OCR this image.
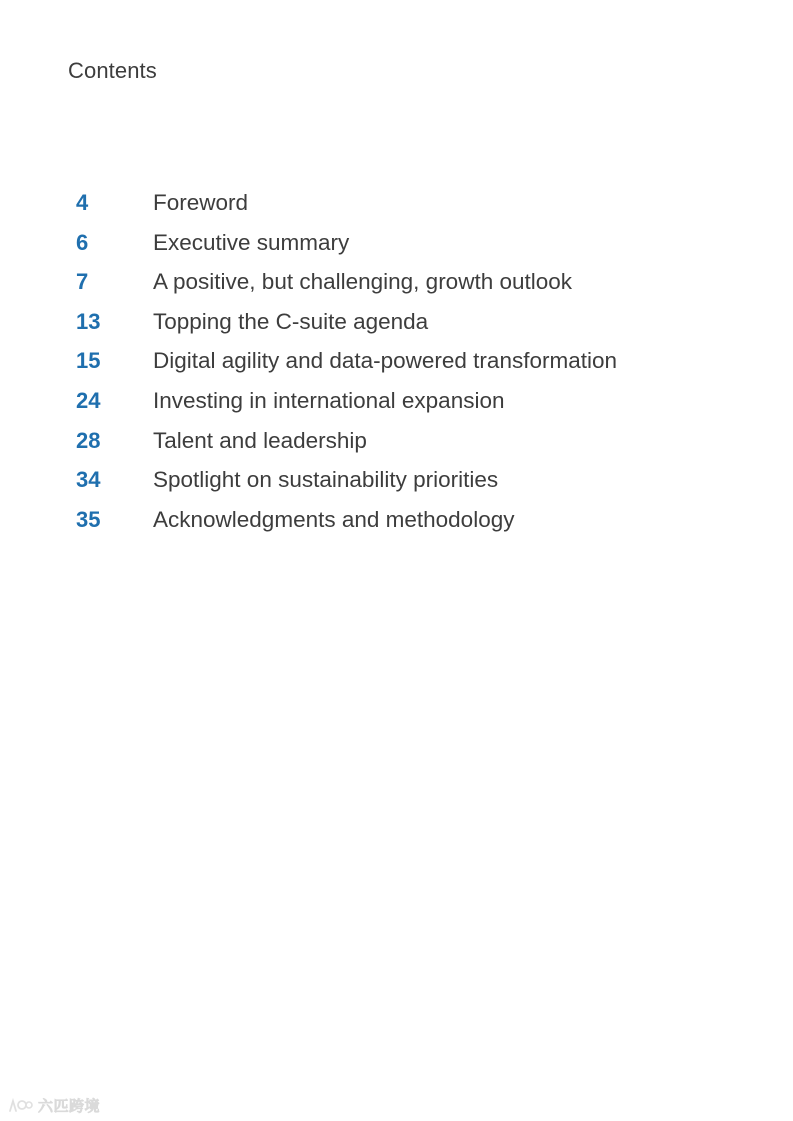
Contents
4	Foreword
6	Executive summary
7	A positive, but challenging, growth outlook
13	Topping the C-suite agenda
15	Digital agility and data-powered transformation
24	Investing in international expansion
28	Talent and leadership
34	Spotlight on sustainability priorities
35	Acknowledgments and methodology
六匹跨境
